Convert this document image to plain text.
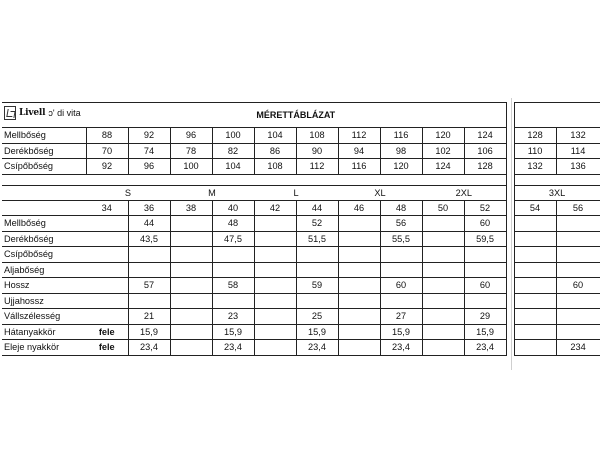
Livell ɔ' di vita	MÉRETTÁBLÁZAT												
Mellbőség	88	92	96	100	104	108	112	116	120	124		128	132
Derékbőség	70	74	78	82	86	90	94	98	102	106		110	114
Csípőbőség	92	96	100	104	108	112	116	120	124	128		132	136

	S		M		L		XL		2XL			3XL	
	34	36	38	40	42	44	46	48	50	52		54	56
Mellbőség		44		48		52		56		60			
Derékbőség		43,5		47,5		51,5		55,5		59,5			
Csípőbőség													
Aljabőség													
Hossz		57		58		59		60		60			60
Ujjahossz													
Vállszélesség		21		23		25		27		29			
Hátanyakkör	fele	15,9		15,9		15,9		15,9		15,9			
Eleje nyakkör	fele	23,4		23,4		23,4		23,4		23,4			234
